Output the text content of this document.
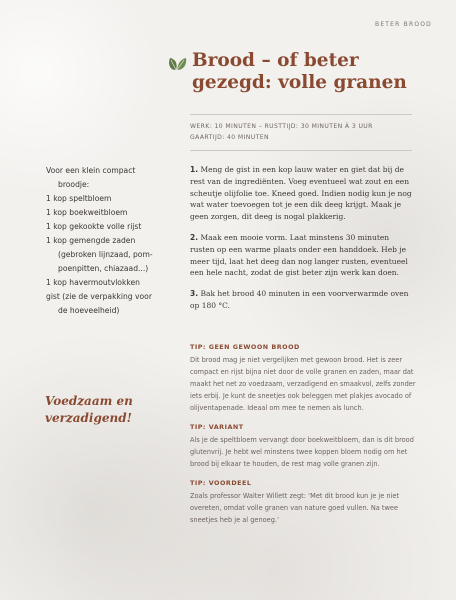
BETER BROOD
Brood – of beter gezegd: volle granen
WERK: 10 MINUTEN – RUSTTIJD: 30 MINUTEN À 3 UUR
GAARTIJD: 40 MINUTEN
Voor een klein compact
broodje:
1 kop speltbloem
1 kop boekweitbloem
1 kop gekookte volle rijst
1 kop gemengde zaden
(gebroken lijnzaad, pom-
poenpitten, chiazaad...)
1 kop havermoutvlokken
gist (zie de verpakking voor
de hoeveelheid)

1. Meng de gist in een kop lauw water en giet dat bij de rest van de ingrediënten. Voeg eventueel wat zout en een scheutje olijfolie toe. Kneed goed. Indien nodig kun je nog wat water toevoegen tot je een dik deeg krijgt. Maak je geen zorgen, dit deeg is nogal plakkerig.

2. Maak een mooie vorm. Laat minstens 30 minuten rusten op een warme plaats onder een handdoek. Heb je meer tijd, laat het deeg dan nog langer rusten, eventueel een hele nacht, zodat de gist beter zijn werk kan doen.

3. Bak het brood 40 minuten in een voorverwarmde oven op 180 °C.

Voedzaam en verzadigend!

TIP: GEEN GEWOON BROOD

Dit brood mag je niet vergelijken met gewoon brood. Het is zeer compact en rijst bijna niet door de volle granen en zaden, maar dat maakt het net zo voedzaam, verzadigend en smaakvol, zelfs zonder iets erbij. Je kunt de sneetjes ook beleggen met plakjes avocado of olijventapenade. Ideaal om mee te nemen als lunch.

TIP: VARIANT

Als je de speltbloem vervangt door boekweitbloem, dan is dit brood glutenvrij. Je hebt wel minstens twee koppen bloem nodig om het brood bij elkaar te houden, de rest mag volle granen zijn.

TIP: VOORDEEL

Zoals professor Walter Willett zegt: ‘Met dit brood kun je je niet overeten, omdat volle granen van nature goed vullen. Na twee sneetjes heb je al genoeg.’
